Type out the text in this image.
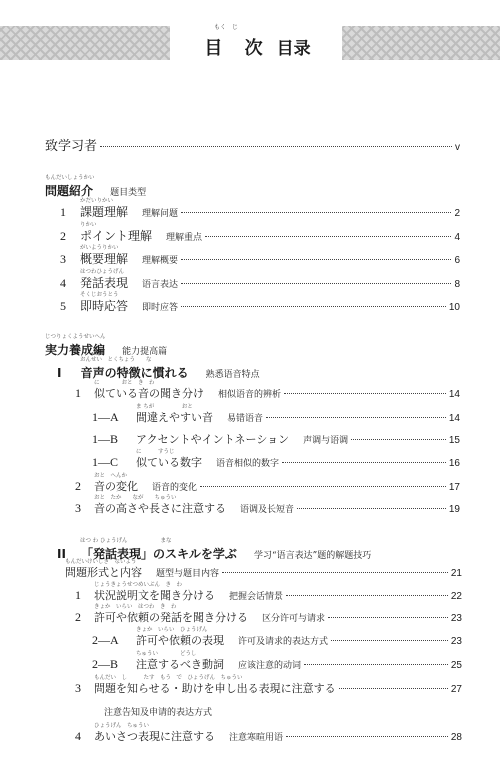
もく　じ
目 次 目录
致学习者	v
もんだいしょうかい
問題紹介 题目类型
かだいりかい
1	課題理解 理解问题	2
りかい
2	ポイント理解 理解重点	4
がいようりかい
3	概要理解 理解概要	6
はつわひょうげん
4	発話表現 语言表达	8
そくじおうとう
5	即時応答 即时应答	10
じつりょくようせいへん
実力養成編 能力提高篇
おんせい　とくちょう　　な
I 音声の特徴に慣れる 熟悉语音特点
に　　　　おと　き　わ
1	似ている音の聞き分け 相似语音的辨析	14
ま ちが　　　　　おと
1—A	間違えやすい音 易错语音	14
1—B	アクセントやイントネーション 声调与语调	15
に　　　すうじ
1—C	似ている数字 语音相似的数字	16
おと　へんか
2	音の変化 语音的变化	17
おと　たか　　なが　　ちゅうい
3	音の高さや長さに注意する 语调及长短音	19
はつ わ ひょうげん　　　　　　まな
II 「発話表現」のスキルを学ぶ 学习“语言表达”题的解题技巧
もんだいけいしき　ないよう
問題形式と内容 题型与题目内容	21
じょうきょうせつめいぶん　き　わ
1	状況説明文を聞き分ける 把握会话情景	22
きょか　いらい　はつわ　き　わ
2	許可や依頼の発話を聞き分ける 区分许可与请求	23
きょか　いらい　ひょうげん
2—A	許可や依頼の表現 许可及请求的表达方式	23
ちゅうい　　　　どうし
2—B	注意するべき動詞 应该注意的动词	25
もんだい　し　　　たす　もう　で　ひょうげん　ちゅうい
3	問題を知らせる・助けを申し出る表現に注意する	27
注意告知及申请的表达方式
ひょうげん　ちゅうい
4	あいさつ表現に注意する 注意寒暄用语	28
